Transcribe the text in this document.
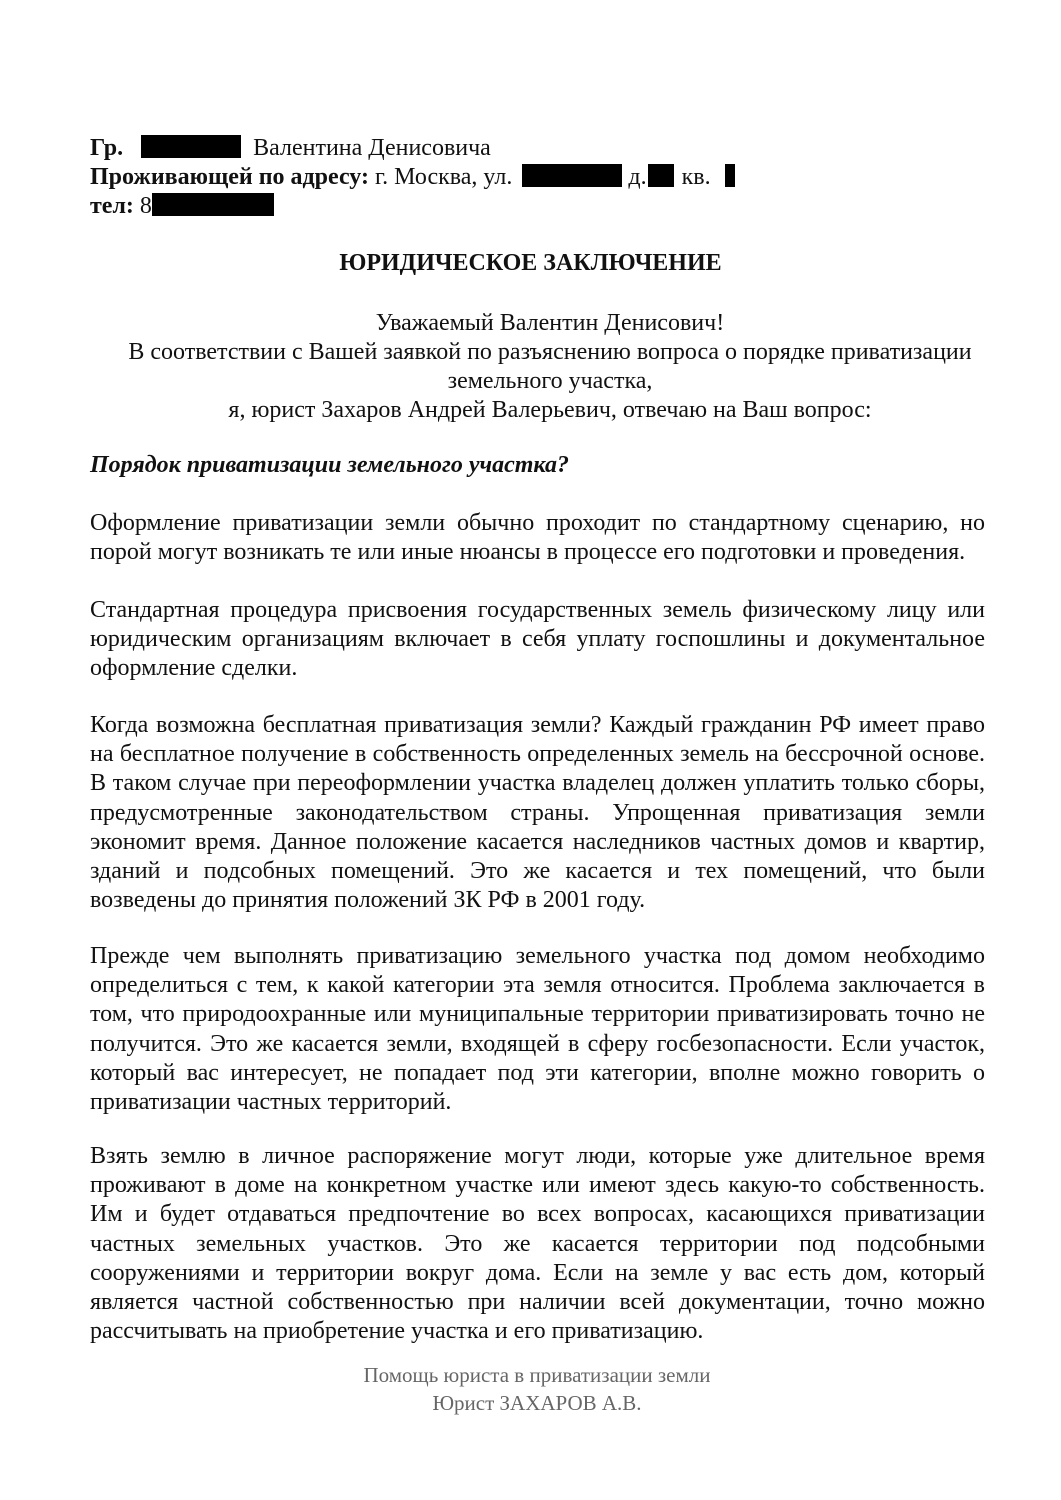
Гр.	Валентина Денисовича
Проживающей по адресу: г. Москва, ул.	д. кв.
тел: 8
ЮРИДИЧЕСКОЕ ЗАКЛЮЧЕНИЕ
Уважаемый Валентин Денисович!
В соответствии с Вашей заявкой по разъяснению вопроса о порядке приватизации
земельного участка,
я, юрист Захаров Андрей Валерьевич, отвечаю на Ваш вопрос:
Порядок приватизации земельного участка?

Оформление приватизации земли обычно проходит по стандартному сценарию, но порой могут возникать те или иные нюансы в процессе его подготовки и проведения.

Стандартная процедура присвоения государственных земель физическому лицу или юридическим организациям включает в себя уплату госпошлины и документальное оформление сделки.

Когда возможна бесплатная приватизация земли? Каждый гражданин РФ имеет право на бесплатное получение в собственность определенных земель на бессрочной основе. В таком случае при переоформлении участка владелец должен уплатить только сборы, предусмотренные законодательством страны. Упрощенная приватизация земли экономит время. Данное положение касается наследников частных домов и квартир, зданий и подсобных помещений. Это же касается и тех помещений, что были возведены до принятия положений ЗК РФ в 2001 году.

Прежде чем выполнять приватизацию земельного участка под домом необходимо определиться с тем, к какой категории эта земля относится. Проблема заключается в том, что природоохранные или муниципальные территории приватизировать точно не получится. Это же касается земли, входящей в сферу госбезопасности. Если участок, который вас интересует, не попадает под эти категории, вполне можно говорить о приватизации частных территорий.

Взять землю в личное распоряжение могут люди, которые уже длительное время проживают в доме на конкретном участке или имеют здесь какую-то собственность. Им и будет отдаваться предпочтение во всех вопросах, касающихся приватизации частных земельных участков. Это же касается территории под подсобными сооружениями и территории вокруг дома. Если на земле у вас есть дом, который является частной собственностью при наличии всей документации, точно можно рассчитывать на приобретение участка и его приватизацию.

Помощь юриста в приватизации земли
Юрист ЗАХАРОВ А.В.
